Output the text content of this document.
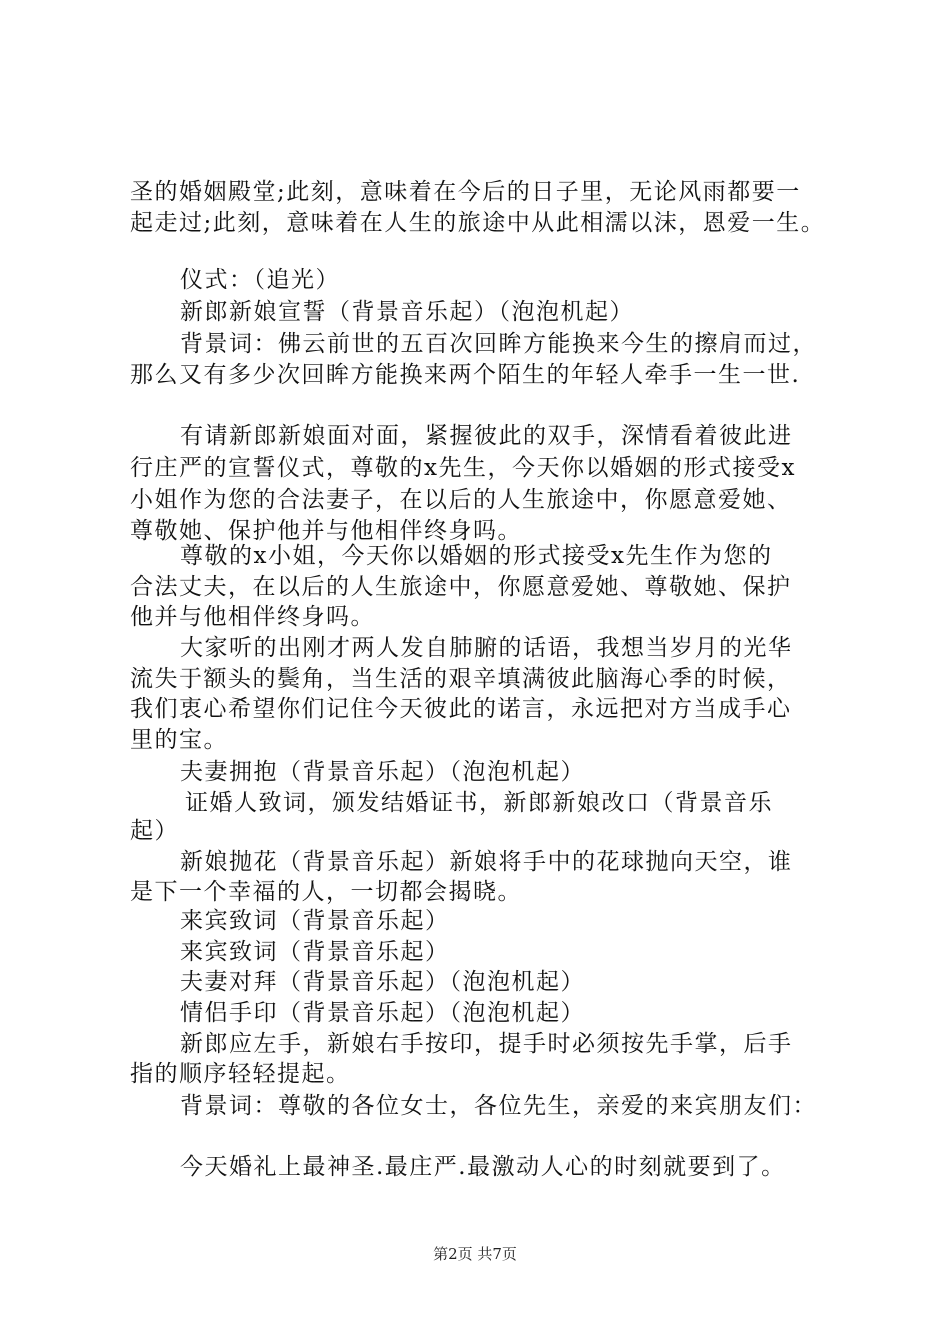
圣的婚姻殿堂;此刻，意味着在今后的日子里，无论风雨都要一
起走过;此刻，意味着在人生的旅途中从此相濡以沫，恩爱一生。
仪式：（追光）
新郎新娘宣誓（背景音乐起）（泡泡机起）
背景词：佛云前世的五百次回眸方能换来今生的擦肩而过，
那么又有多少次回眸方能换来两个陌生的年轻人牵手一生一世.
有请新郎新娘面对面，紧握彼此的双手，深情看着彼此进
行庄严的宣誓仪式，尊敬的x先生，今天你以婚姻的形式接受x
小姐作为您的合法妻子，在以后的人生旅途中，你愿意爱她、
尊敬她、保护他并与他相伴终身吗。
尊敬的x小姐，今天你以婚姻的形式接受x先生作为您的
合法丈夫，在以后的人生旅途中，你愿意爱她、尊敬她、保护
他并与他相伴终身吗。
大家听的出刚才两人发自肺腑的话语，我想当岁月的光华
流失于额头的鬓角，当生活的艰辛填满彼此脑海心季的时候，
我们衷心希望你们记住今天彼此的诺言，永远把对方当成手心
里的宝。
夫妻拥抱（背景音乐起）（泡泡机起）
证婚人致词，颁发结婚证书，新郎新娘改口（背景音乐
起）
新娘抛花（背景音乐起）新娘将手中的花球抛向天空，谁
是下一个幸福的人，一切都会揭晓。
来宾致词（背景音乐起）
来宾致词（背景音乐起）
夫妻对拜（背景音乐起）（泡泡机起）
情侣手印（背景音乐起）（泡泡机起）
新郎应左手，新娘右手按印，提手时必须按先手掌，后手
指的顺序轻轻提起。
背景词：尊敬的各位女士，各位先生，亲爱的来宾朋友们：
今天婚礼上最神圣.最庄严.最激动人心的时刻就要到了。
第2页 共7页
